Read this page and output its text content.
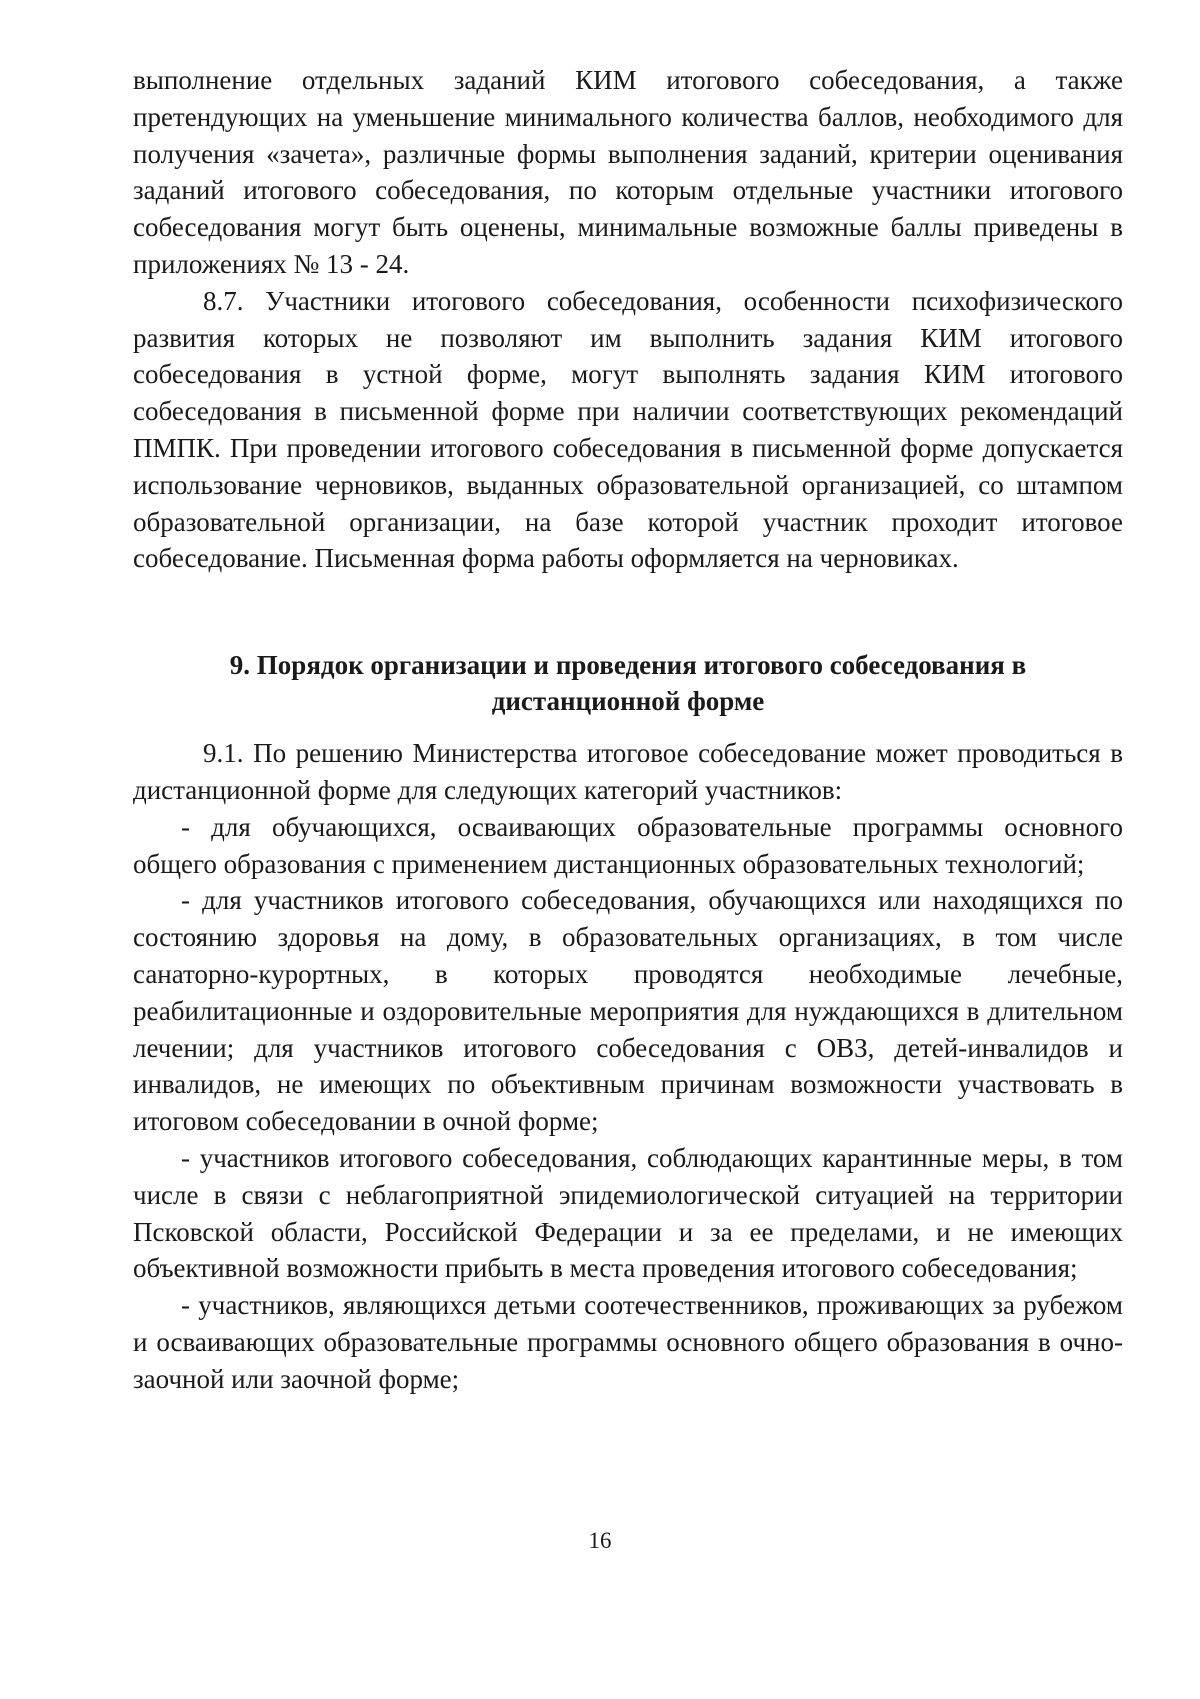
выполнение отдельных заданий КИМ итогового собеседования, а также претендующих на уменьшение минимального количества баллов, необходимого для получения «зачета», различные формы выполнения заданий, критерии оценивания заданий итогового собеседования, по которым отдельные участники итогового собеседования могут быть оценены, минимальные возможные баллы приведены в приложениях № 13 - 24.

8.7. Участники итогового собеседования, особенности психофизического развития которых не позволяют им выполнить задания КИМ итогового собеседования в устной форме, могут выполнять задания КИМ итогового собеседования в письменной форме при наличии соответствующих рекомендаций ПМПК. При проведении итогового собеседования в письменной форме допускается использование черновиков, выданных образовательной организацией, со штампом образовательной организации, на базе которой участник проходит итоговое собеседование. Письменная форма работы оформляется на черновиках.

9. Порядок организации и проведения итогового собеседования в
дистанционной форме

9.1. По решению Министерства итоговое собеседование может проводиться в дистанционной форме для следующих категорий участников:

- для обучающихся, осваивающих образовательные программы основного общего образования с применением дистанционных образовательных технологий;

- для участников итогового собеседования, обучающихся или находящихся по состоянию здоровья на дому, в образовательных организациях, в том числе санаторно-курортных, в которых проводятся необходимые лечебные, реабилитационные и оздоровительные мероприятия для нуждающихся в длительном лечении; для участников итогового собеседования с ОВЗ, детей-инвалидов и инвалидов, не имеющих по объективным причинам возможности участвовать в итоговом собеседовании в очной форме;

- участников итогового собеседования, соблюдающих карантинные меры, в том числе в связи с неблагоприятной эпидемиологической ситуацией на территории Псковской области, Российской Федерации и за ее пределами, и не имеющих объективной возможности прибыть в места проведения итогового собеседования;

- участников, являющихся детьми соотечественников, проживающих за рубежом и осваивающих образовательные программы основного общего образования в очно-заочной или заочной форме;

16
